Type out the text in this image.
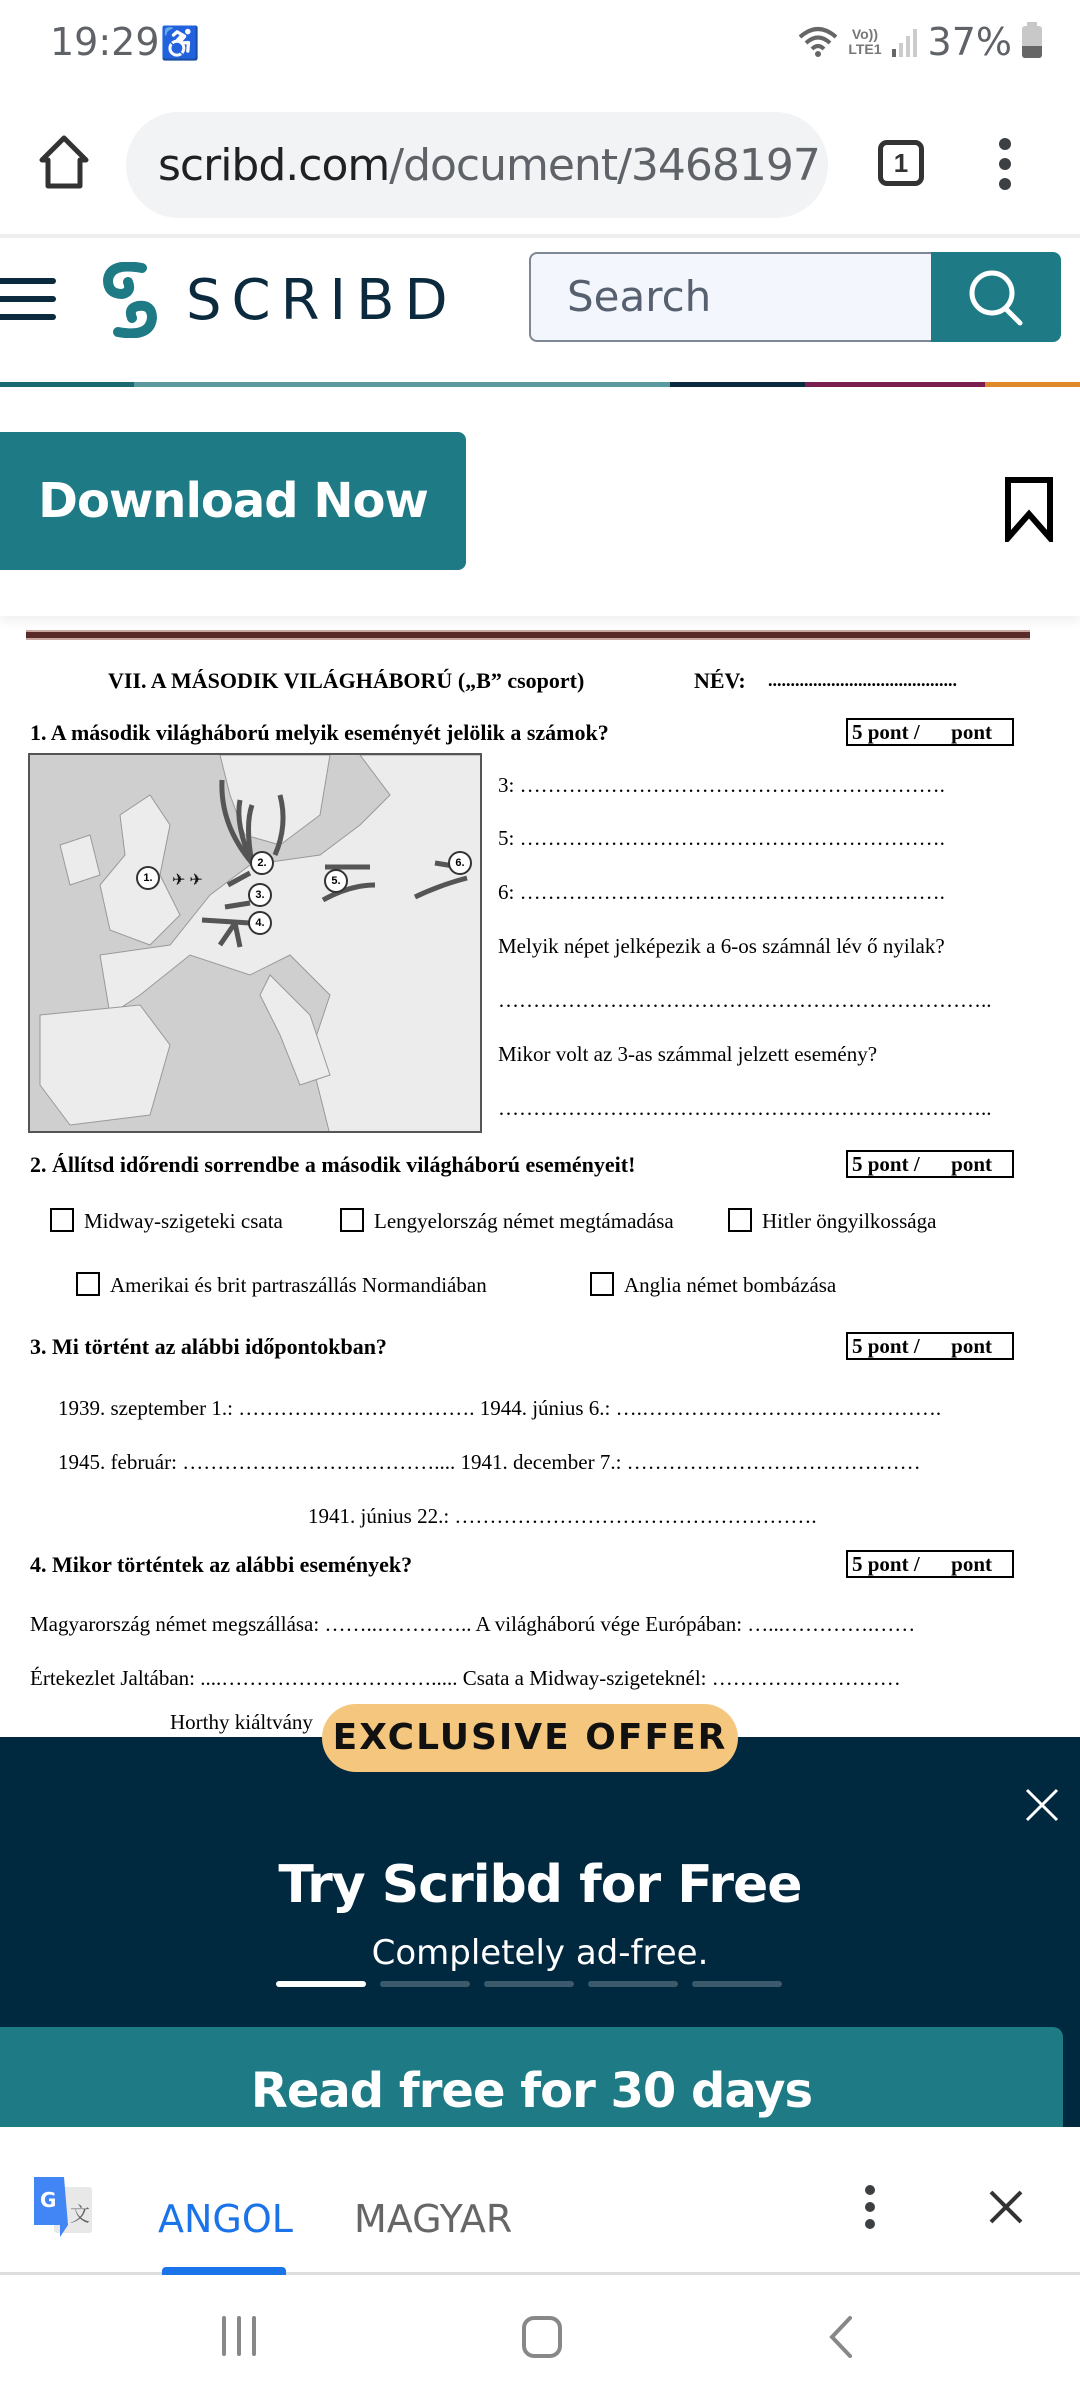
19:29 ♿	Vo))
LTE1 37%
scribd.com /document/3468197	1
SCRIBD	Search
Download Now
VII. A MÁSODIK VILÁGHÁBORÚ („B” csoport)	NÉV: ..........................................
1. A második világháború melyik eseményét jelölik a számok?	5 pont /      pont
✈ ✈
1.
2.
3.
4.
5.
6.
3: …………………………………………………….
5: …………………………………………………….
6: …………………………………………………….
Melyik népet jelképezik a 6-os számnál lév ő nyilak?
……………………………………………………………..
Mikor volt az 3-as számmal jelzett esemény?
……………………………………………………………..
2. Állítsd időrendi sorrendbe a második világháború eseményeit!	5 pont /      pont
Midway-szigeteki csata	Lengyelország német megtámadása	Hitler öngyilkossága
Amerikai és brit partraszállás Normandiában	Anglia német bombázása
3. Mi történt az alábbi időpontokban?	5 pont /      pont
1939. szeptember 1.: ……………………………. 1944. június 6.: ….…………………………………….
1945. február: ……………………………….... 1941. december 7.: ……………………………………
1941. június 22.: …………………………………………….
4. Mikor történtek az alábbi események?	5 pont /      pont
Magyarország német megszállása: ……..………….. A világháború vége Európában: …...………….……
Értekezlet Jaltában: ....…………………………..... Csata a Midway-szigeteknél: ………………………
Horthy kiáltvány EXCLUSIVE OFFER
Try Scribd for Free
Completely ad-free.
Read free for 30 days
G
文 ANGOL MAGYAR
